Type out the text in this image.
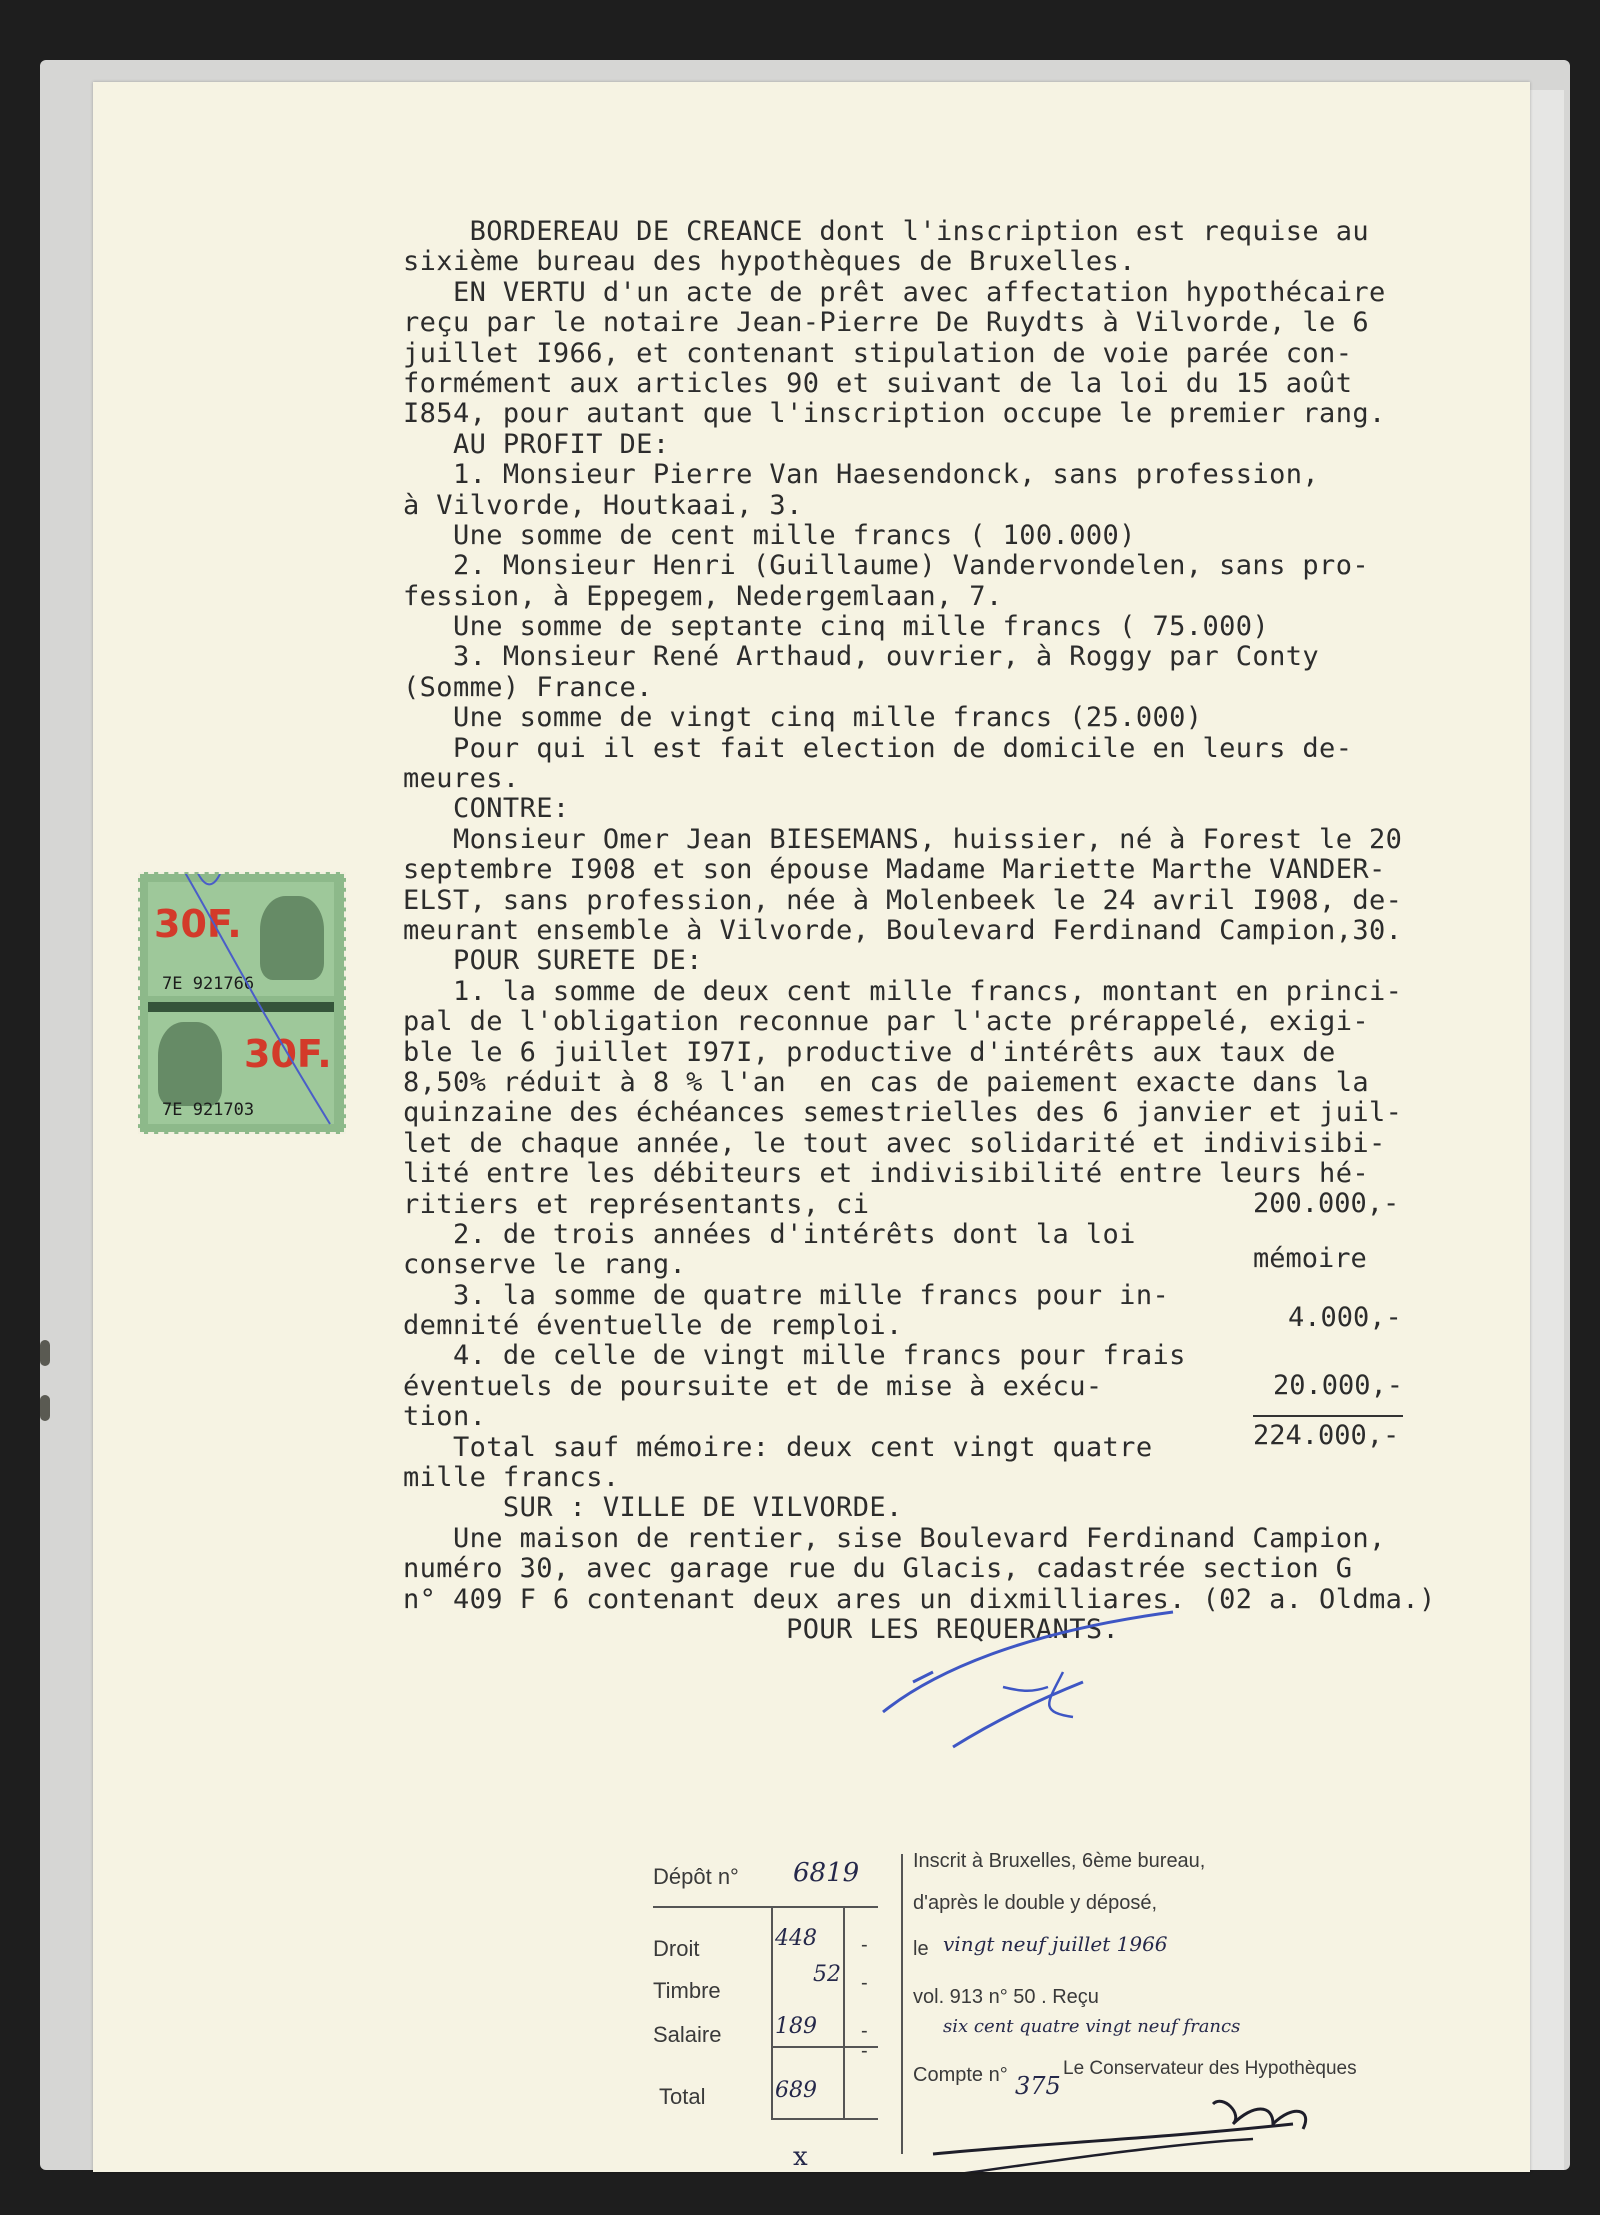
BORDEREAU DE CREANCE dont l'inscription est requise au
sixième bureau des hypothèques de Bruxelles.
EN VERTU d'un acte de prêt avec affectation hypothécaire
reçu par le notaire Jean-Pierre De Ruydts à Vilvorde, le 6
juillet I966, et contenant stipulation de voie parée con-
formément aux articles 90 et suivant de la loi du 15 août
I854, pour autant que l'inscription occupe le premier rang.
AU PROFIT DE:
1. Monsieur Pierre Van Haesendonck, sans profession,
à Vilvorde, Houtkaai, 3.
Une somme de cent mille francs ( 100.000)
2. Monsieur Henri (Guillaume) Vandervondelen, sans pro-
fession, à Eppegem, Nedergemlaan, 7.
Une somme de septante cinq mille francs ( 75.000)
3. Monsieur René Arthaud, ouvrier, à Roggy par Conty
(Somme) France.
Une somme de vingt cinq mille francs (25.000)
Pour qui il est fait election de domicile en leurs de-
meures.
CONTRE:
Monsieur Omer Jean BIESEMANS, huissier, né à Forest le 20
septembre I908 et son épouse Madame Mariette Marthe VANDER-
ELST, sans profession, née à Molenbeek le 24 avril I908, de-
meurant ensemble à Vilvorde, Boulevard Ferdinand Campion,30.
POUR SURETE DE:
1. la somme de deux cent mille francs, montant en princi-
pal de l'obligation reconnue par l'acte prérappelé, exigi-
ble le 6 juillet I97I, productive d'intérêts aux taux de
8,50% réduit à 8 % l'an  en cas de paiement exacte dans la
quinzaine des échéances semestrielles des 6 janvier et juil-
let de chaque année, le tout avec solidarité et indivisibi-
lité entre les débiteurs et indivisibilité entre leurs hé-
ritiers et représentants, ci
2. de trois années d'intérêts dont la loi
conserve le rang.
3. la somme de quatre mille francs pour in-
demnité éventuelle de remploi.
4. de celle de vingt mille francs pour frais
éventuels de poursuite et de mise à exécu-
tion.
Total sauf mémoire: deux cent vingt quatre
mille francs.
SUR : VILLE DE VILVORDE.
Une maison de rentier, sise Boulevard Ferdinand Campion,
numéro 30, avec garage rue du Glacis, cadastrée section G
n° 409 F 6 contenant deux ares un dixmilliares. (02 a. Oldma.)
POUR LES REQUERANTS.
200.000,-
mémoire
4.000,-
20.000,-
224.000,-
30F.
7E 921766
30F.
7E 921703
Dépôt n° 6819
Droit	448 -
Timbre
52 -
Salaire 189 -
Total	689
-
Inscrit à Bruxelles, 6ème bureau,
d'après le double y déposé,
le vingt neuf juillet 1966
vol. 913 n° 50 . Reçu
six cent quatre vingt neuf francs
Compte n° 375
Le Conservateur des Hypothèques
x
